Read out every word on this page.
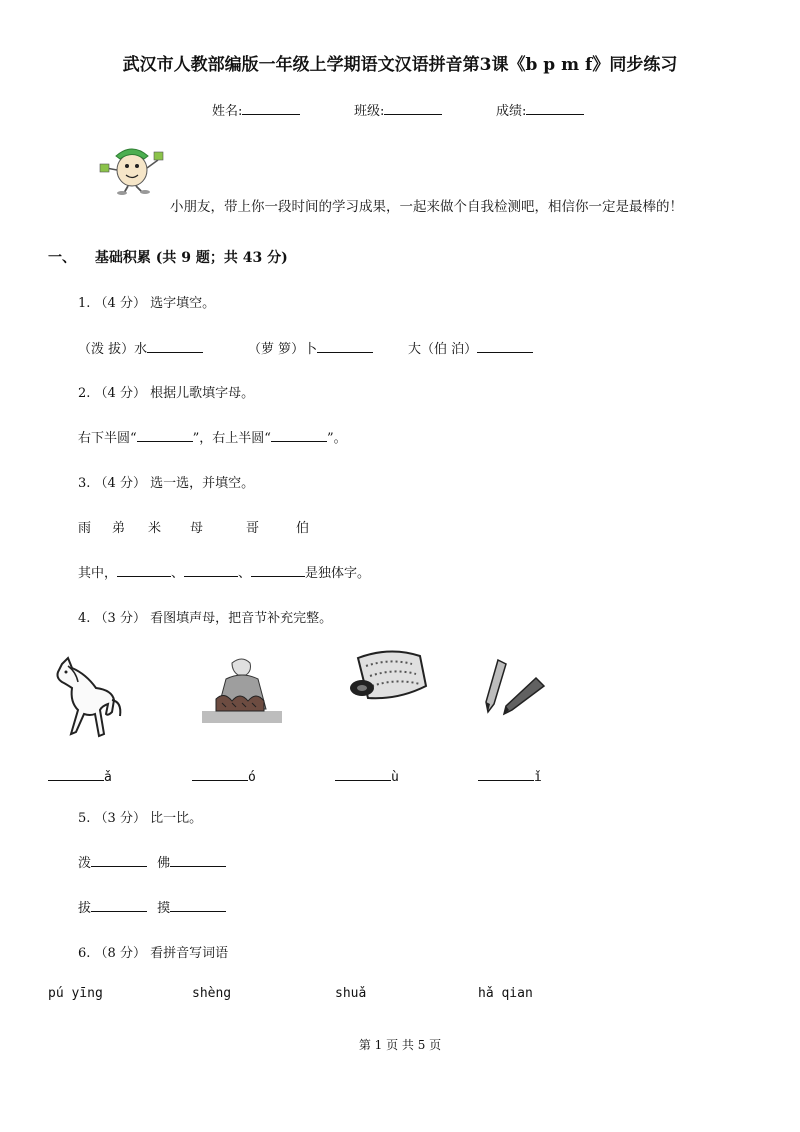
武汉市人教部编版一年级上学期语文汉语拼音第3课《b p m f》同步练习
姓名:	班级:	成绩:
小朋友，带上你一段时间的学习成果，一起来做个自我检测吧，相信你一定是最棒的！
一、 基础积累 (共 9 题；共 43 分)
1. （4 分） 选字填空。
（泼 拔）水	（萝 箩）卜	大（伯 泊）
2. （4 分） 根据儿歌填字母。
右下半圆“	”，右上半圆“	”。
3. （4 分） 选一选，并填空。
雨 弟 米 母	哥	伯
其中，	、	、	是独体字。
4. （3 分） 看图填声母，把音节补充完整。
ǎ	ó	ù	ǐ
5. （3 分） 比一比。
泼	佛
拔	摸
6. （8 分） 看拼音写词语
pú yīng	shèng	shuǎ	hǎ qian
第 1 页 共 5 页
